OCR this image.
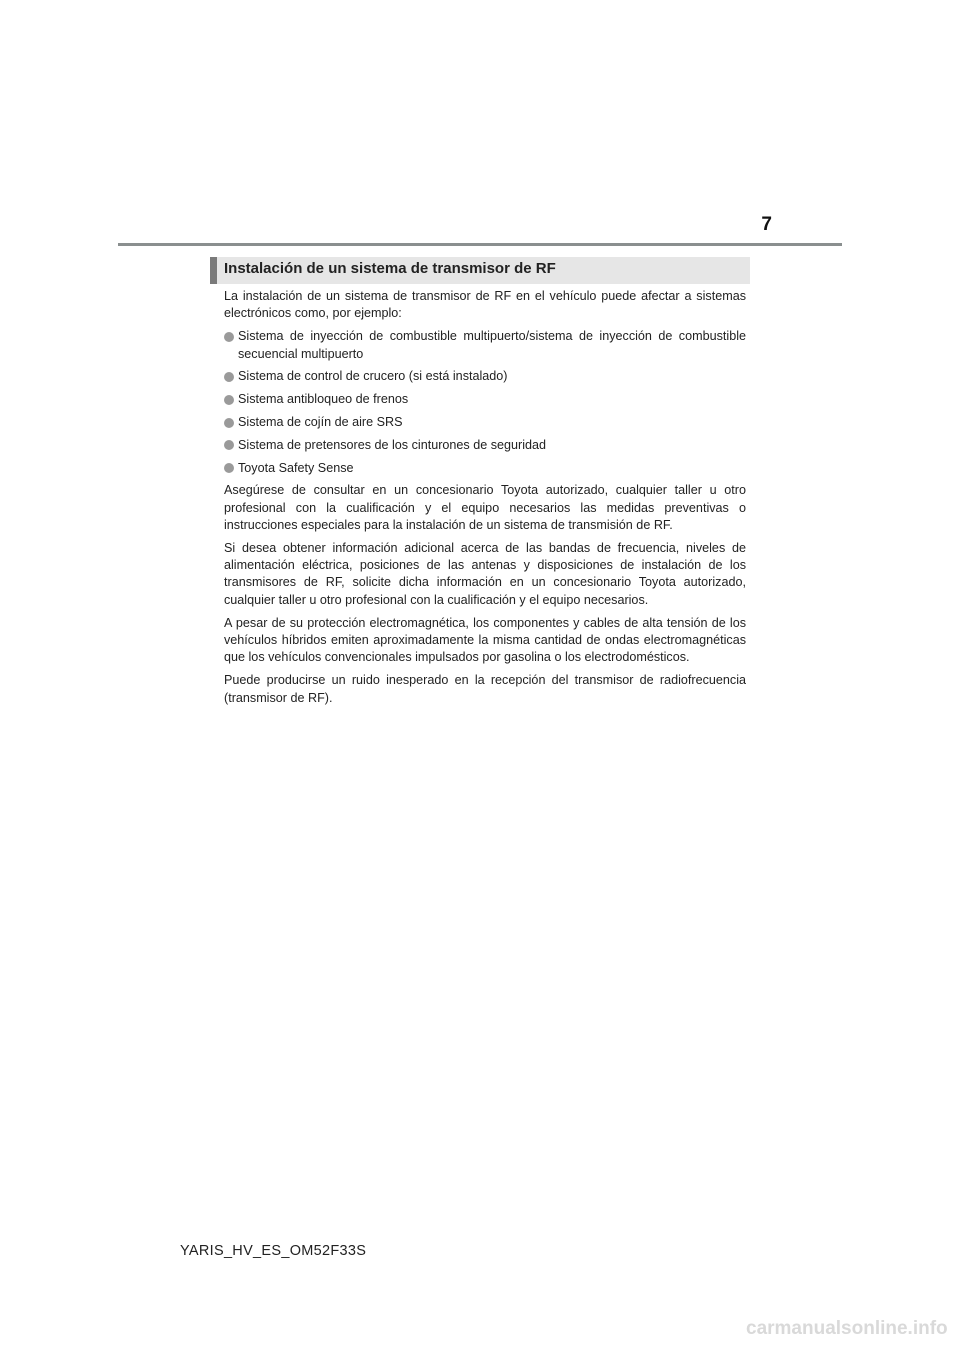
7
Instalación de un sistema de transmisor de RF

La instalación de un sistema de transmisor de RF en el vehículo puede afectar a sistemas electrónicos como, por ejemplo:

Sistema de inyección de combustible multipuerto/sistema de inyección de combustible secuencial multipuerto
Sistema de control de crucero (si está instalado)
Sistema antibloqueo de frenos
Sistema de cojín de aire SRS
Sistema de pretensores de los cinturones de seguridad
Toyota Safety Sense

Asegúrese de consultar en un concesionario Toyota autorizado, cualquier taller u otro profesional con la cualificación y el equipo necesarios las medidas preventivas o instrucciones especiales para la instalación de un sistema de transmisión de RF.

Si desea obtener información adicional acerca de las bandas de frecuencia, niveles de alimentación eléctrica, posiciones de las antenas y disposiciones de instalación de los transmisores de RF, solicite dicha información en un concesionario Toyota autorizado, cualquier taller u otro profesional con la cualificación y el equipo necesarios.

A pesar de su protección electromagnética, los componentes y cables de alta tensión de los vehículos híbridos emiten aproximadamente la misma cantidad de ondas electromagnéticas que los vehículos convencionales impulsados por gasolina o los electrodomésticos.

Puede producirse un ruido inesperado en la recepción del transmisor de radiofrecuencia (transmisor de RF).

YARIS_HV_ES_OM52F33S
carmanualsonline.info
